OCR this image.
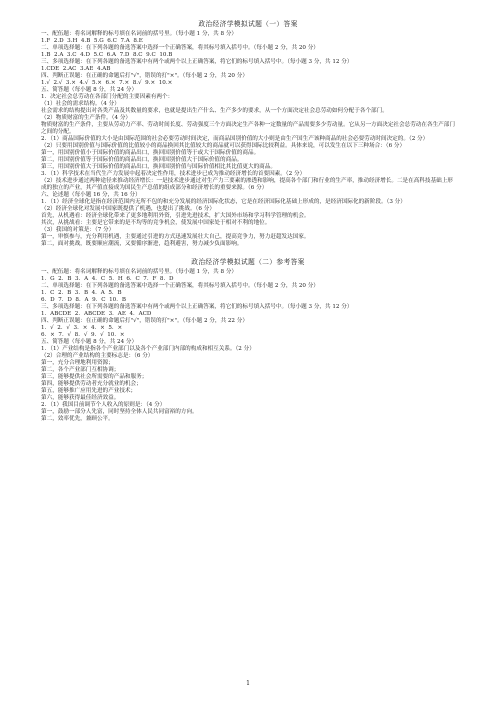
政治经济学模拟试题（一）答案

一、配伍题：将名词解释的标号填在名词前的括号里。（每小题 1 分，共 8 分）

1.F  2.D  3.H  4.B  5.G  6.C  7.A  8.E

二、单项选择题：在下列各题的备选答案中选择一个正确答案，将其标号填入括号中。（每小题 2 分，共 20 分）

1.B  2.A  3.C  4.D  5.C  6.A  7.D  8.C  9.C  10.B

三、多项选择题：在下列各题的备选答案中有两个或两个以上正确答案，将它们的标号填入括号中。（每小题 3 分，共 12 分）

1.CDE  2.AC  3.AE  4.AB

四、判断正误题：在正确的命题后打"√"，错误的打"×"。（每小题 2 分，共 20 分）

1.√  2.√  3.×  4.√  5.×  6.×  7.×  8.√  9.×  10.×

五、简答题（每小题 8 分，共 24 分）

1．决定社会总劳动在各部门分配的主要因素有两个：

（1）社会的需求结构。（4 分）

社会需求的结构提出对各类产品及其数量的要求，也就是提出生产什么、生产多少的要求，从一个方面决定社会总劳动如何分配于各个部门。

（2）物质财富的生产条件。（4 分）

物质财富的生产条件，主要从劳动力产率、劳动时间长度、劳动强度三个方面决定生产各种一定数量的产品需要多少劳动量。它从另一方面决定社会总劳动在各生产部门之间的分配。

2．（1）商品国际价值的大小是由国际范围的社会必要劳动时间决定，而商品国别价值的大小则是由生产国生产该种商品的社会必要劳动时间决定的。（2 分）

（2）只要用国别价值与国际价值的比值较小的商品换回其比值较大的商品就可以获得国际比较利益。具体来说，可以发生在以下三种场合：（6 分）

第一，用国别价值小于国际价值的商品出口，换回国别价值等于或大于国际价值的商品。

第二，用国别价值等于国际价值的商品出口，换回国别价值大于国际价值的商品。

第三，用国别价值大于国际价值的商品出口，换回国别价值与国际价值相比其比值更大的商品。

3．（1）科学技术在当代生产力发展中起着决定性作用，技术进步已成为推动经济增长的首要因素。（2 分）

（2）技术进步通过两种途径来推动经济增长：一是技术进步通过对生产力三要素的渗透和影响，提高各个部门和行业的生产率，推动经济增长。二是在高科技基础上形成的独立的产业，其产值直接成为国民生产总值的组成部分和经济增长的重要来源。（6 分）

六、论述题（每小题 16 分，共 16 分）

1．（1）经济全球化是指在经济范围内无所不包的和充分发展的经济国际化状态，它是在经济国际化基础上形成的，是经济国际化的新阶段。（3 分）

（2）经济全球化对发展中国家既提供了机遇，也提出了挑战。（6 分）

首先，从机遇看：经济全球化带来了更多地利用外资，引进先进技术，扩大国外市场和学习科学管理的机会。

其次，从挑战看：主要是它带来的是不均等的竞争机会，使发展中国家处于相对不利的地位。

（3）我国的对策是：（7 分）

第一，审慎参与，充分利用机遇，主要通过引进的方式迅速发展壮大自己，提高竞争力，努力赶超发达国家。

第二，面对挑战，既要顺应潮流，又要循序渐进，趋利避害，努力减少负面影响。

政治经济学模拟试题（二）参考答案

一、配伍题：将名词解释的标号填在名词前的括号里。（每小题 1 分，共 8 分）

1．G  2．B  3．A  4．C  5．H  6．C  7．F  8．D

二、单项选择题：在下列各题的备选答案中选择一个正确答案，将其标号填入括号中。（每小题 2 分，共 20 分）

1．C  2．B  3．B  4．A  5．B

6．D  7．D  8．A  9．C  10．B

三、多项选择题：在下列各题的备选答案中有两个或两个以上正确答案，将它们的标号填入括号中。（每小题 3 分，共 12 分）

1．ABCDE  2．ABCDE  3．AE  4．ACD

四、判断正误题：在正确的命题后打"√"，错误的打"×"。（每小题 2 分，共 22 分）

1．√  2．√  3．×  4．×  5．×

6．×  7．√  8．√  9．√  10．×

五、简答题（每小题 8 分，共 24 分）

1．（1）产业结构是指各个产业部门以及各个产业部门内部的构成和相互关系。（2 分）

（2）合理的产业结构的主要标志是：（6 分）

第一，充分合理地利用资源；

第二，各个产业部门互相协调；

第三，能够提供社会所需要的产品和服务；

第四，能够提供劳动者充分就业的机会；

第五，能够推广应用先进的产业技术；

第六，能够获得最佳经济效益。

2．（1）我国目前调节个人收入的原则是：（4 分）

第一，鼓励一部分人先富，同时坚持全体人民共同富裕的方向。

第二，效率优先，兼顾公平。

1
